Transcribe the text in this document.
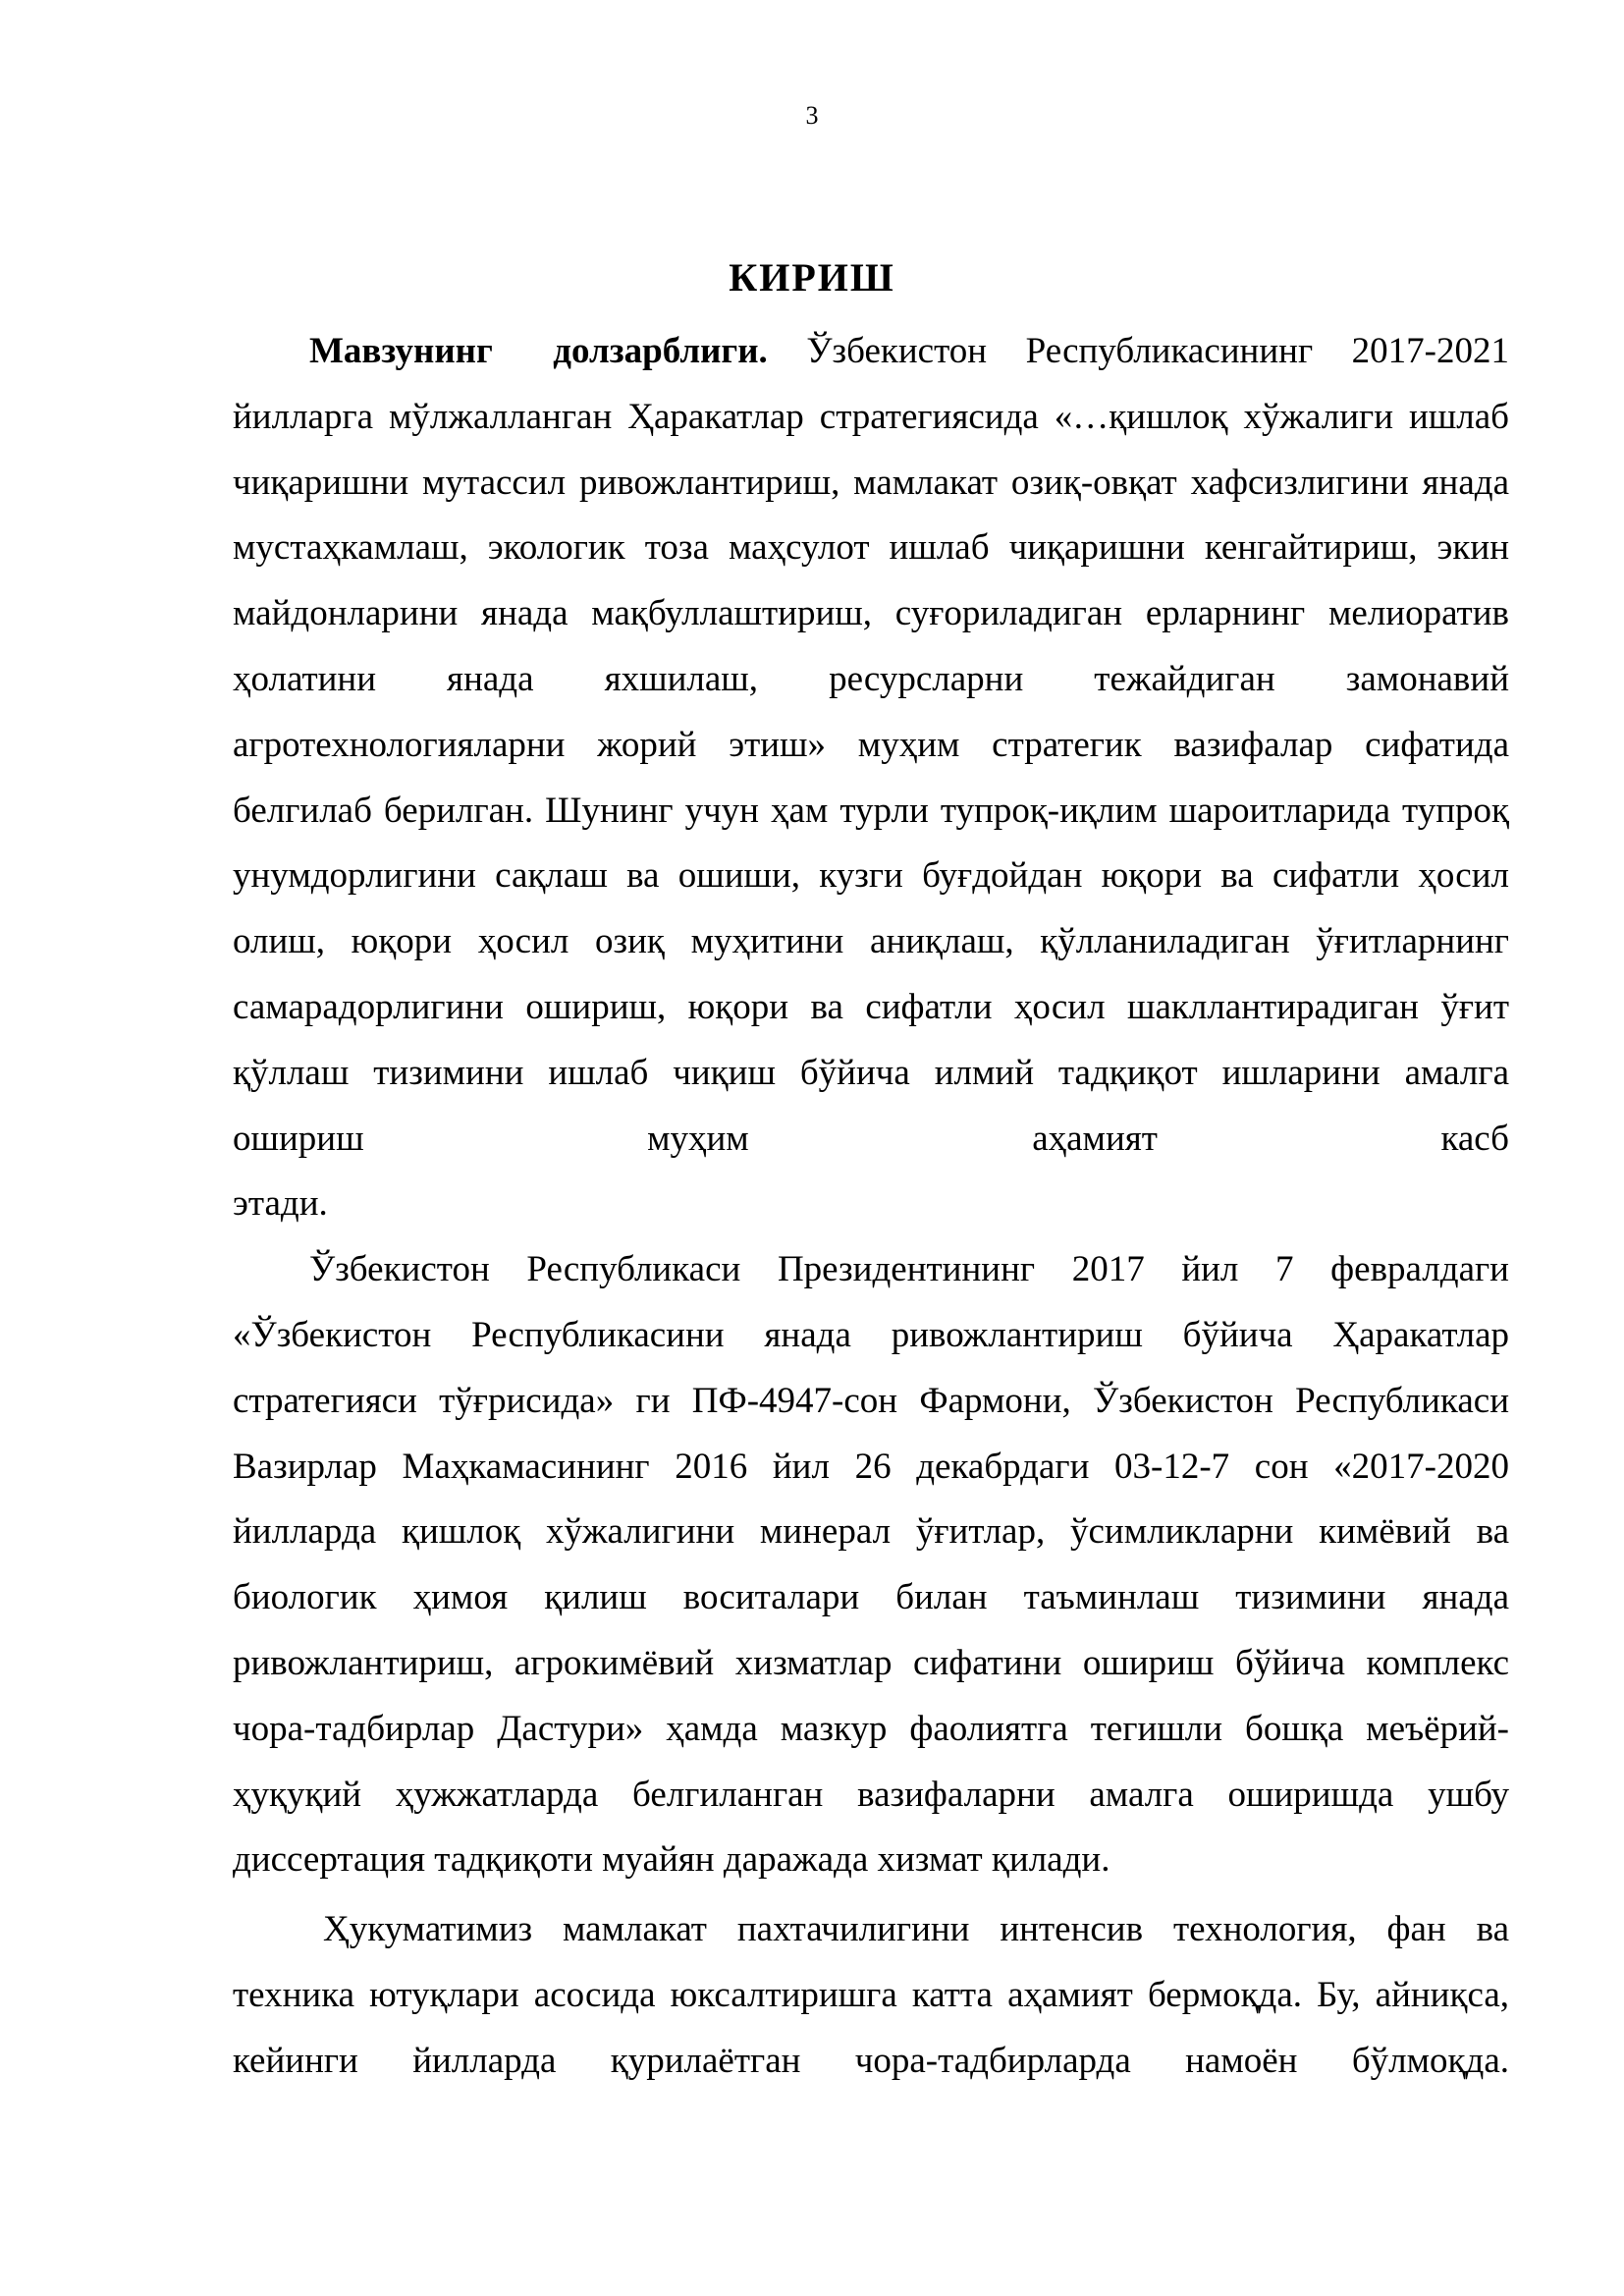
3
КИРИШ

Мавзунинг долзарблиги. Ўзбекистон Республикасининг 2017-2021 йилларга мўлжалланган Ҳаракатлар стратегиясида «…қишлоқ хўжалиги ишлаб чиқаришни мутассил ривожлантириш, мамлакат озиқ-овқат хафсизлигини янада мустаҳкамлаш, экологик тоза маҳсулот ишлаб чиқаришни кенгайтириш, экин майдонларини янада мақбуллаштириш, суғориладиган ерларнинг мелиоратив ҳолатини янада яхшилаш, ресурсларни тежайдиган замонавий агротехнологияларни жорий этиш» муҳим стратегик вазифалар сифатида белгилаб берилган. Шунинг учун ҳам турли тупроқ-иқлим шароитларида тупроқ унумдорлигини сақлаш ва ошиши, кузги буғдойдан юқори ва сифатли ҳосил олиш, юқори ҳосил озиқ муҳитини аниқлаш, қўлланиладиган ўғитларнинг самарадорлигини ошириш, юқори ва сифатли ҳосил шакллантирадиган ўғит қўллаш тизимини ишлаб чиқиш бўйича илмий тадқиқот ишларини амалга ошириш муҳим аҳамият касб

этади.

Ўзбекистон Республикаси Президентининг 2017 йил 7 февралдаги «Ўзбекистон Республикасини янада ривожлантириш бўйича Ҳаракатлар стратегияси тўғрисида» ги ПФ-4947-сон Фармони, Ўзбекистон Республикаси Вазирлар Маҳкамасининг 2016 йил 26 декабрдаги 03-12-7 сон «2017-2020 йилларда қишлоқ хўжалигини минерал ўғитлар, ўсимликларни кимёвий ва биологик ҳимоя қилиш воситалари билан таъминлаш тизимини янада ривожлантириш, агрокимёвий хизматлар сифатини ошириш бўйича комплекс чора-тадбирлар Дастури» ҳамда мазкур фаолиятга тегишли бошқа меъёрий-ҳуқуқий ҳужжатларда белгиланган вазифаларни амалга оширишда ушбу

диссертация тадқиқоти муайян даражада хизмат қилади.

Ҳукуматимиз мамлакат пахтачилигини интенсив технология, фан ва техника ютуқлари асосида юксалтиришга катта аҳамият бермоқда. Бу, айниқса, кейинги йилларда қурилаётган чора-тадбирларда намоён бўлмоқда.
